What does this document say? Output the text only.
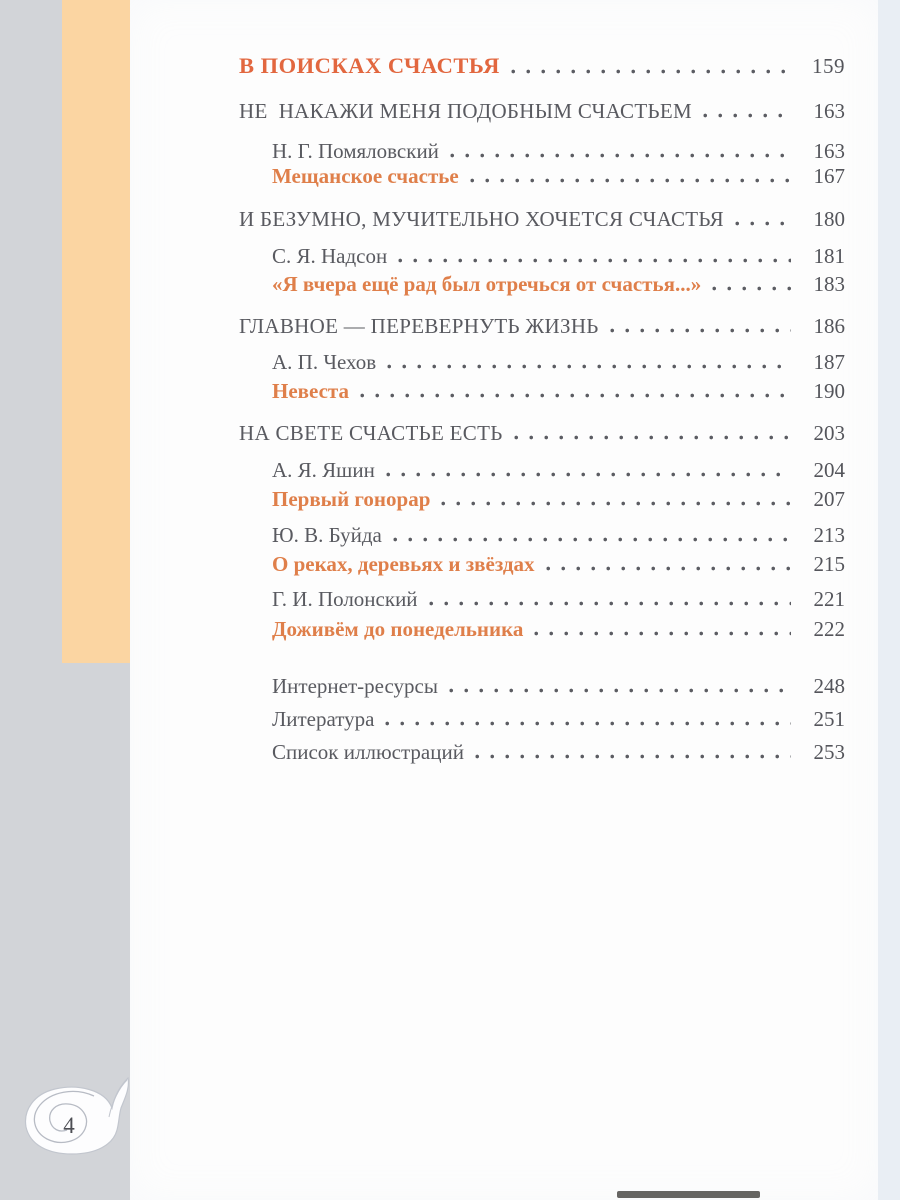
В ПОИСКАХ СЧАСТЬЯ	159
НЕ  НАКАЖИ МЕНЯ ПОДОБНЫМ СЧАСТЬЕМ	163
Н. Г. Помяловский	163
Мещанское счастье	167
И БЕЗУМНО, МУЧИТЕЛЬНО ХОЧЕТСЯ СЧАСТЬЯ	180
С. Я. Надсон	181
«Я вчера ещё рад был отречься от счастья...»	183
ГЛАВНОЕ — ПЕРЕВЕРНУТЬ ЖИЗНЬ	186
А. П. Чехов	187
Невеста	190
НА СВЕТЕ СЧАСТЬЕ ЕСТЬ	203
А. Я. Яшин	204
Первый гонорар	207
Ю. В. Буйда	213
О реках, деревьях и звёздах	215
Г. И. Полонский	221
Доживём до понедельника	222
Интернет-ресурсы	248
Литература	251
Список иллюстраций	253
4
